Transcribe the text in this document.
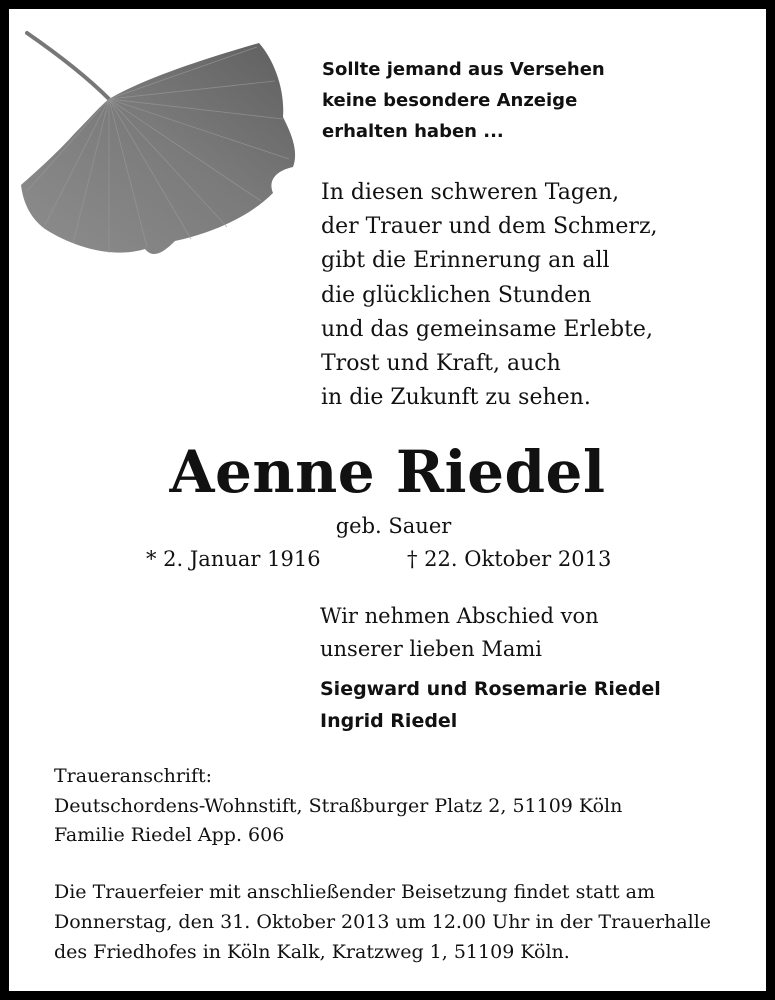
Sollte jemand aus Versehen
keine besondere Anzeige
erhalten haben ...
In diesen schweren Tagen,
der Trauer und dem Schmerz,
gibt die Erinnerung an all
die glücklichen Stunden
und das gemeinsame Erlebte,
Trost und Kraft, auch
in die Zukunft zu sehen.
Aenne Riedel
geb. Sauer
* 2. Januar 1916	† 22. Oktober 2013
Wir nehmen Abschied von
unserer lieben Mami
Siegward und Rosemarie Riedel
Ingrid Riedel
Traueranschrift:
Deutschordens-Wohnstift, Straßburger Platz 2, 51109 Köln
Familie Riedel App. 606
Die Trauerfeier mit anschließender Beisetzung findet statt am
Donnerstag, den 31. Oktober 2013 um 12.00 Uhr in der Trauerhalle
des Friedhofes in Köln Kalk, Kratzweg 1, 51109 Köln.
